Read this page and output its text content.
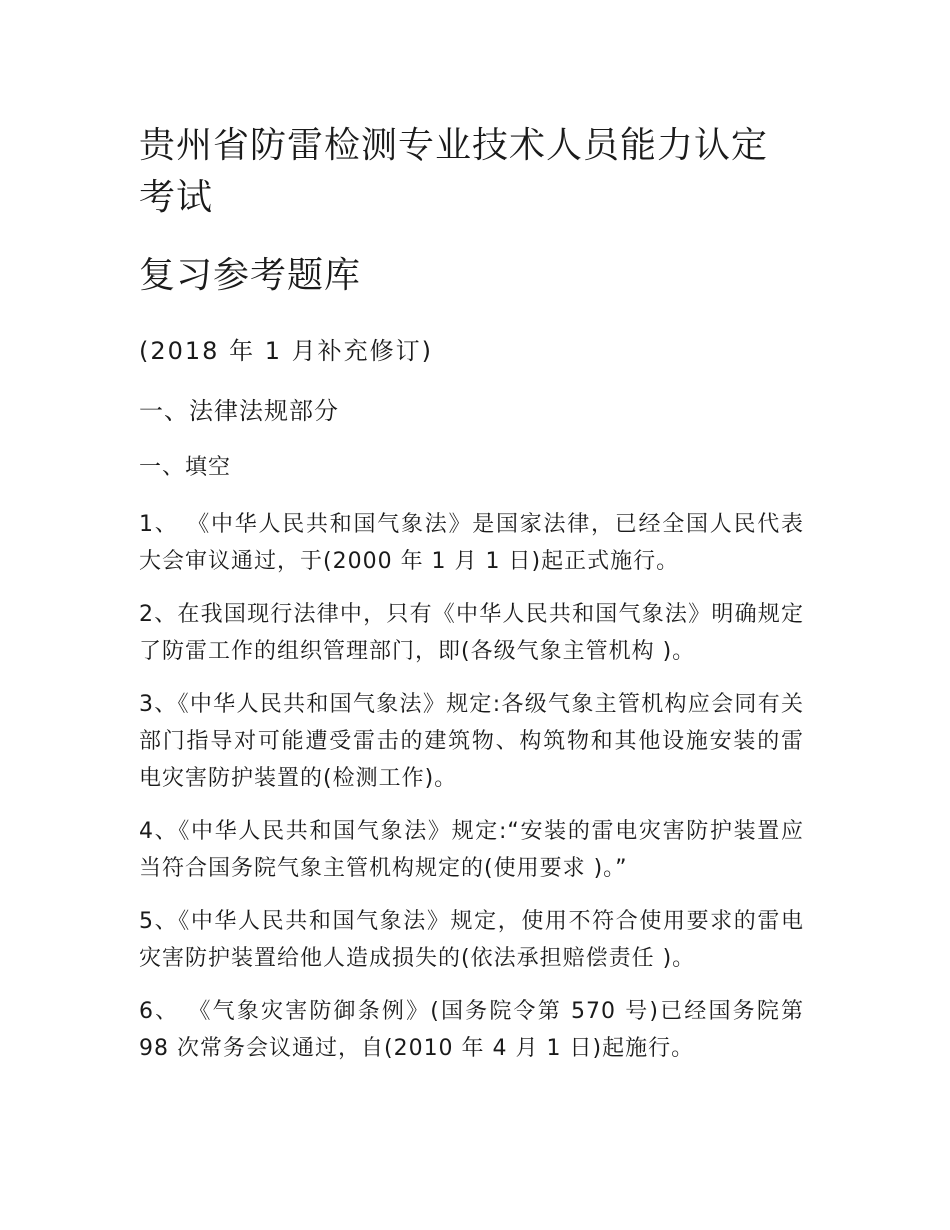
贵州省防雷检测专业技术人员能力认定考试
复习参考题库

(2018 年 1 月补充修订)

一、法律法规部分

一、填空

1、 《中华人民共和国气象法》是国家法律，已经全国人民代表大会审议通过，于(2000 年 1 月 1 日)起正式施行。
2、在我国现行法律中，只有《中华人民共和国气象法》明确规定了防雷工作的组织管理部门，即(各级气象主管机构 )。
3、《中华人民共和国气象法》规定:各级气象主管机构应会同有关部门指导对可能遭受雷击的建筑物、构筑物和其他设施安装的雷电灾害防护装置的(检测工作)。
4、《中华人民共和国气象法》规定:“安装的雷电灾害防护装置应当符合国务院气象主管机构规定的(使用要求 )。”
5、《中华人民共和国气象法》规定，使用不符合使用要求的雷电灾害防护装置给他人造成损失的(依法承担赔偿责任 )。
6、 《气象灾害防御条例》(国务院令第 570 号)已经国务院第 98 次常务会议通过，自(2010 年 4 月 1 日)起施行。
